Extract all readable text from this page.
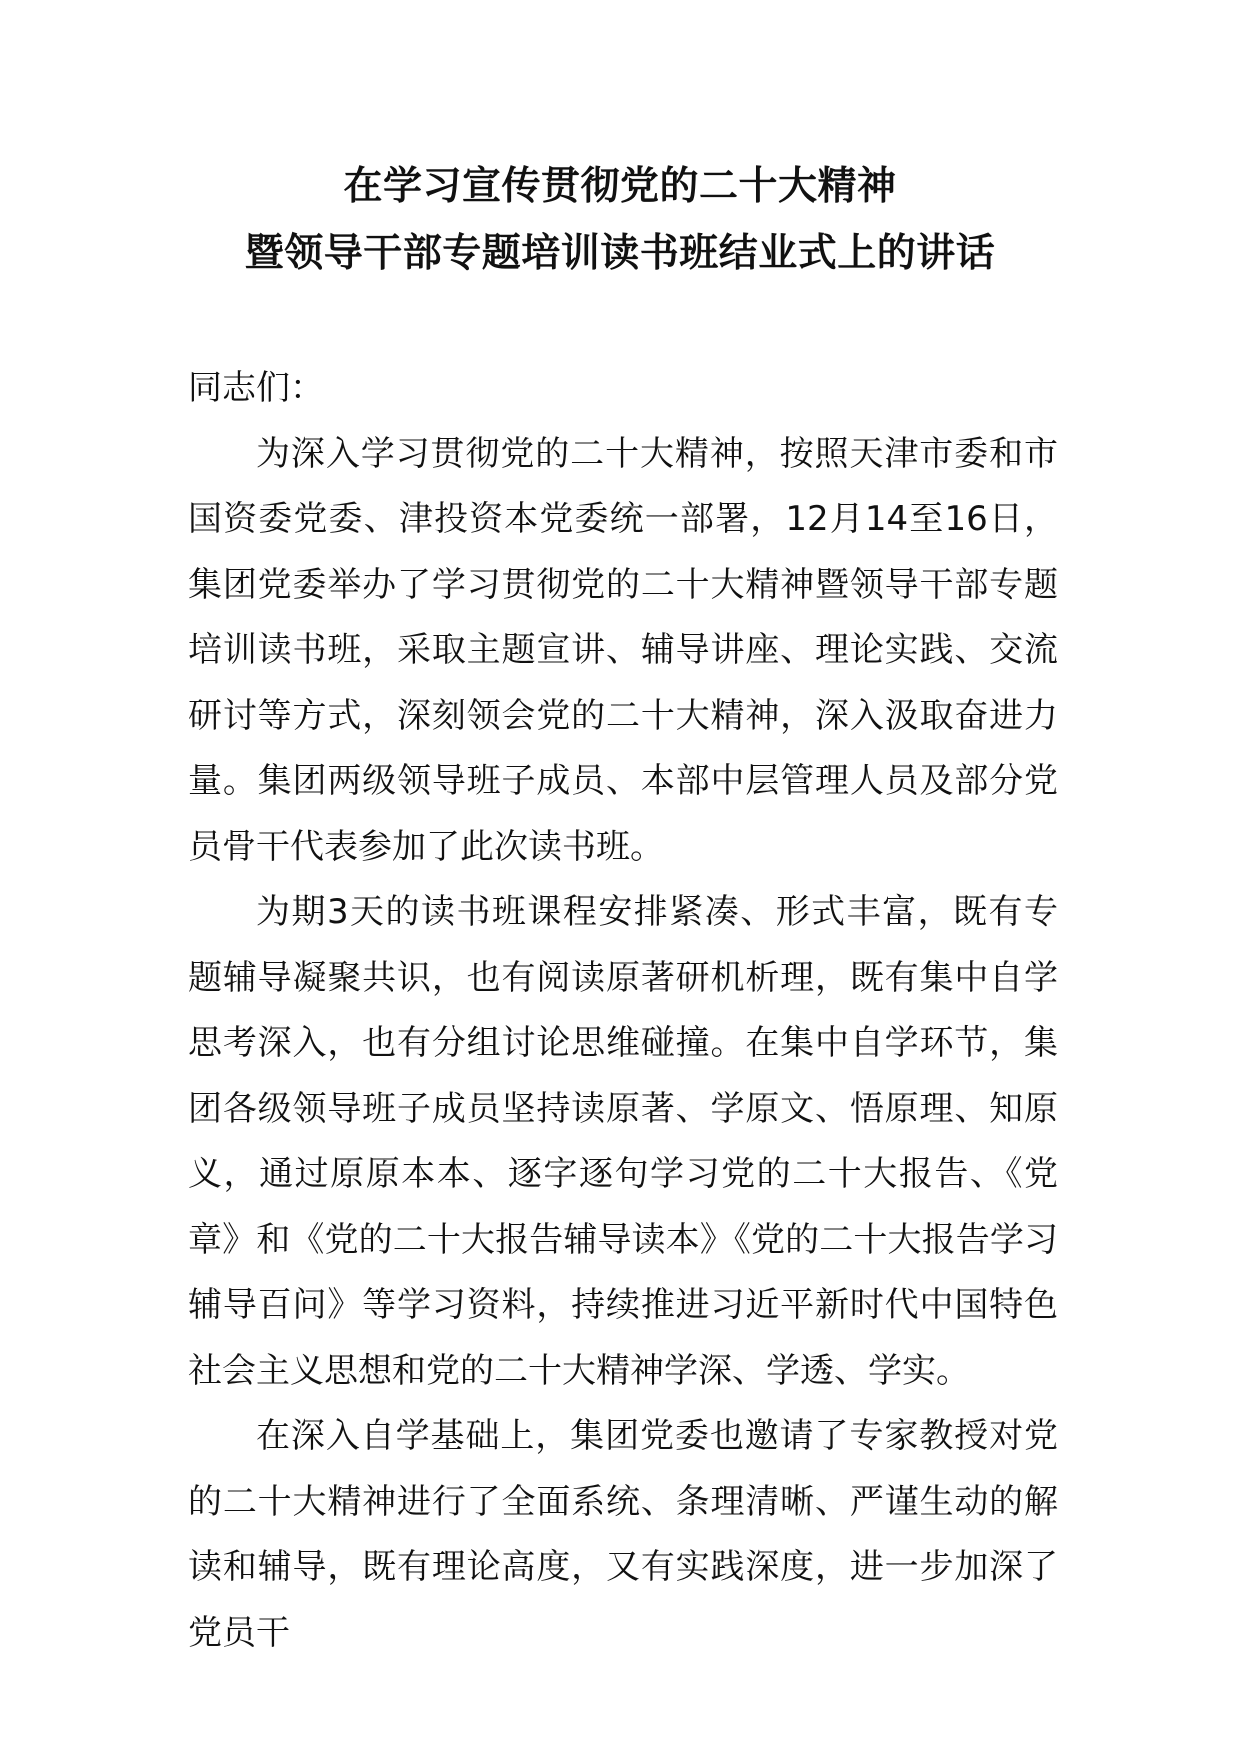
在学习宣传贯彻党的二十大精神
暨领导干部专题培训读书班结业式上的讲话

同志们：

为深入学习贯彻党的二十大精神，按照天津市委和市国资委党委、津投资本党委统一部署，12月14至16日，集团党委举办了学习贯彻党的二十大精神暨领导干部专题培训读书班，采取主题宣讲、辅导讲座、理论实践、交流研讨等方式，深刻领会党的二十大精神，深入汲取奋进力量。集团两级领导班子成员、本部中层管理人员及部分党员骨干代表参加了此次读书班。

为期3天的读书班课程安排紧凑、形式丰富，既有专题辅导凝聚共识，也有阅读原著研机析理，既有集中自学思考深入，也有分组讨论思维碰撞。在集中自学环节，集团各级领导班子成员坚持读原著、学原文、悟原理、知原义，通过原原本本、逐字逐句学习党的二十大报告、《党章》和《党的二十大报告辅导读本》《党的二十大报告学习辅导百问》等学习资料，持续推进习近平新时代中国特色社会主义思想和党的二十大精神学深、学透、学实。

在深入自学基础上，集团党委也邀请了专家教授对党的二十大精神进行了全面系统、条理清晰、严谨生动的解读和辅导，既有理论高度，又有实践深度，进一步加深了党员干
